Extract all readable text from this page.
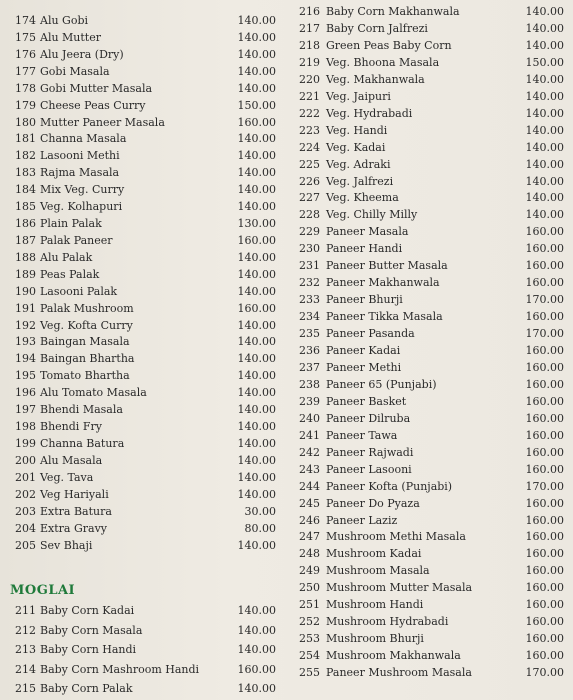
174 Alu Gobi	140.00
175 Alu Mutter	140.00
176 Alu Jeera (Dry)	140.00
177 Gobi Masala	140.00
178 Gobi Mutter Masala	140.00
179 Cheese Peas Curry	150.00
180 Mutter Paneer Masala	160.00
181 Channa Masala	140.00
182 Lasooni Methi	140.00
183 Rajma Masala	140.00
184 Mix Veg. Curry	140.00
185 Veg. Kolhapuri	140.00
186 Plain Palak	130.00
187 Palak Paneer	160.00
188 Alu Palak	140.00
189 Peas Palak	140.00
190 Lasooni Palak	140.00
191 Palak Mushroom	160.00
192 Veg. Kofta Curry	140.00
193 Baingan Masala	140.00
194 Baingan Bhartha	140.00
195 Tomato Bhartha	140.00
196 Alu Tomato Masala	140.00
197 Bhendi Masala	140.00
198 Bhendi Fry	140.00
199 Channa Batura	140.00
200 Alu Masala	140.00
201 Veg. Tava	140.00
202 Veg Hariyali	140.00
203 Extra Batura	30.00
204 Extra Gravy	80.00
205 Sev Bhaji	140.00
MOGLAI
211 Baby Corn Kadai	140.00
212 Baby Corn Masala	140.00
213 Baby Corn Handi	140.00
214 Baby Corn Mashroom Handi	160.00
215 Baby Corn Palak	140.00
216 Baby Corn Makhanwala	140.00
217 Baby Corn Jalfrezi	140.00
218 Green Peas Baby Corn	140.00
219 Veg. Bhoona Masala	150.00
220 Veg. Makhanwala	140.00
221 Veg. Jaipuri	140.00
222 Veg. Hydrabadi	140.00
223 Veg. Handi	140.00
224 Veg. Kadai	140.00
225 Veg. Adraki	140.00
226 Veg. Jalfrezi	140.00
227 Veg. Kheema	140.00
228 Veg. Chilly Milly	140.00
229 Paneer Masala	160.00
230 Paneer Handi	160.00
231 Paneer Butter Masala	160.00
232 Paneer Makhanwala	160.00
233 Paneer Bhurji	170.00
234 Paneer Tikka Masala	160.00
235 Paneer Pasanda	170.00
236 Paneer Kadai	160.00
237 Paneer Methi	160.00
238 Paneer 65 (Punjabi)	160.00
239 Paneer Basket	160.00
240 Paneer Dilruba	160.00
241 Paneer Tawa	160.00
242 Paneer Rajwadi	160.00
243 Paneer Lasooni	160.00
244 Paneer Kofta (Punjabi)	170.00
245 Paneer Do Pyaza	160.00
246 Paneer Laziz	160.00
247 Mushroom Methi Masala	160.00
248 Mushroom Kadai	160.00
249 Mushroom Masala	160.00
250 Mushroom Mutter Masala	160.00
251 Mushroom Handi	160.00
252 Mushroom Hydrabadi	160.00
253 Mushroom Bhurji	160.00
254 Mushroom Makhanwala	160.00
255 Paneer Mushroom Masala	170.00
